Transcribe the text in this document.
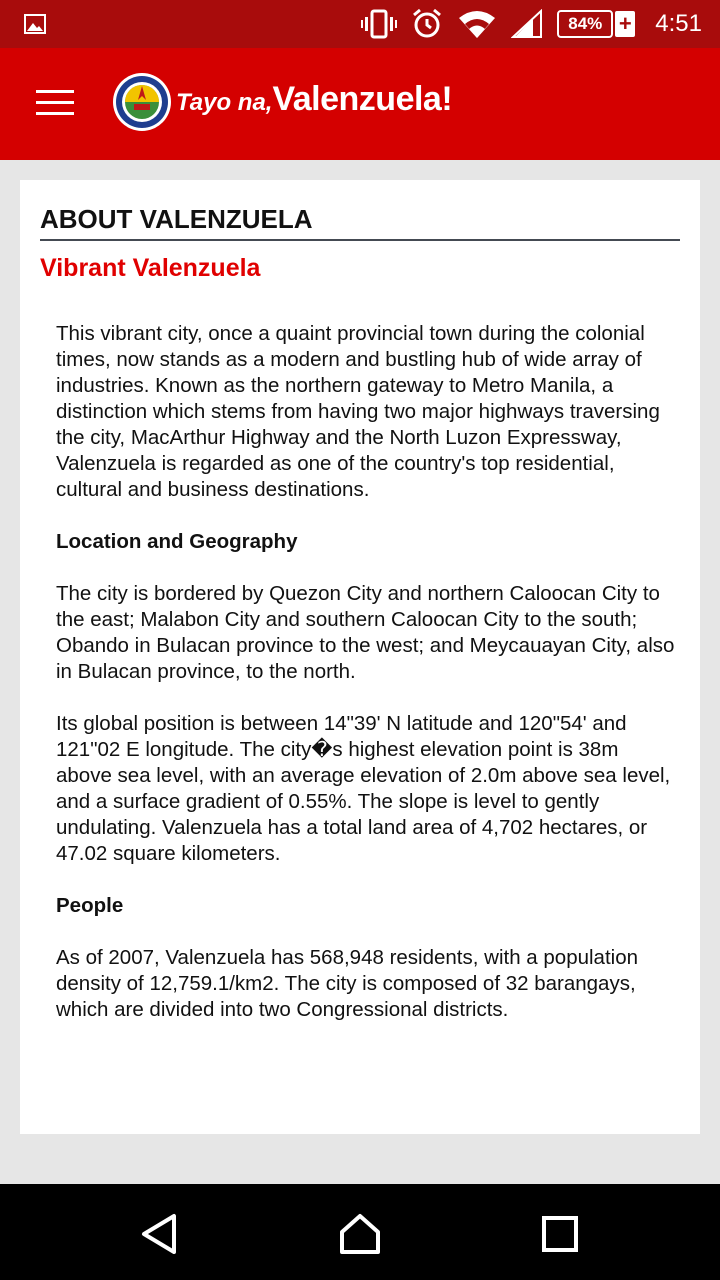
84% + 4:51
Tayo na,Valenzuela!
ABOUT VALENZUELA
Vibrant Valenzuela

This vibrant city, once a quaint provincial town during the colonial times, now stands as a modern and bustling hub of wide array of industries. Known as the northern gateway to Metro Manila, a distinction which stems from having two major highways traversing the city, MacArthur Highway and the North Luzon Expressway, Valenzuela is regarded as one of the country's top residential, cultural and business destinations.

Location and Geography

The city is bordered by Quezon City and northern Caloocan City to the east; Malabon City and southern Caloocan City to the south; Obando in Bulacan province to the west; and Meycauayan City, also in Bulacan province, to the north.

Its global position is between 14"39' N latitude and 120"54' and 121"02 E longitude. The city�s highest elevation point is 38m above sea level, with an average elevation of 2.0m above sea level, and a surface gradient of 0.55%. The slope is level to gently undulating. Valenzuela has a total land area of 4,702 hectares, or 47.02 square kilometers.

People

As of 2007, Valenzuela has 568,948 residents, with a population density of 12,759.1/km2. The city is composed of 32 barangays, which are divided into two Congressional districts.
